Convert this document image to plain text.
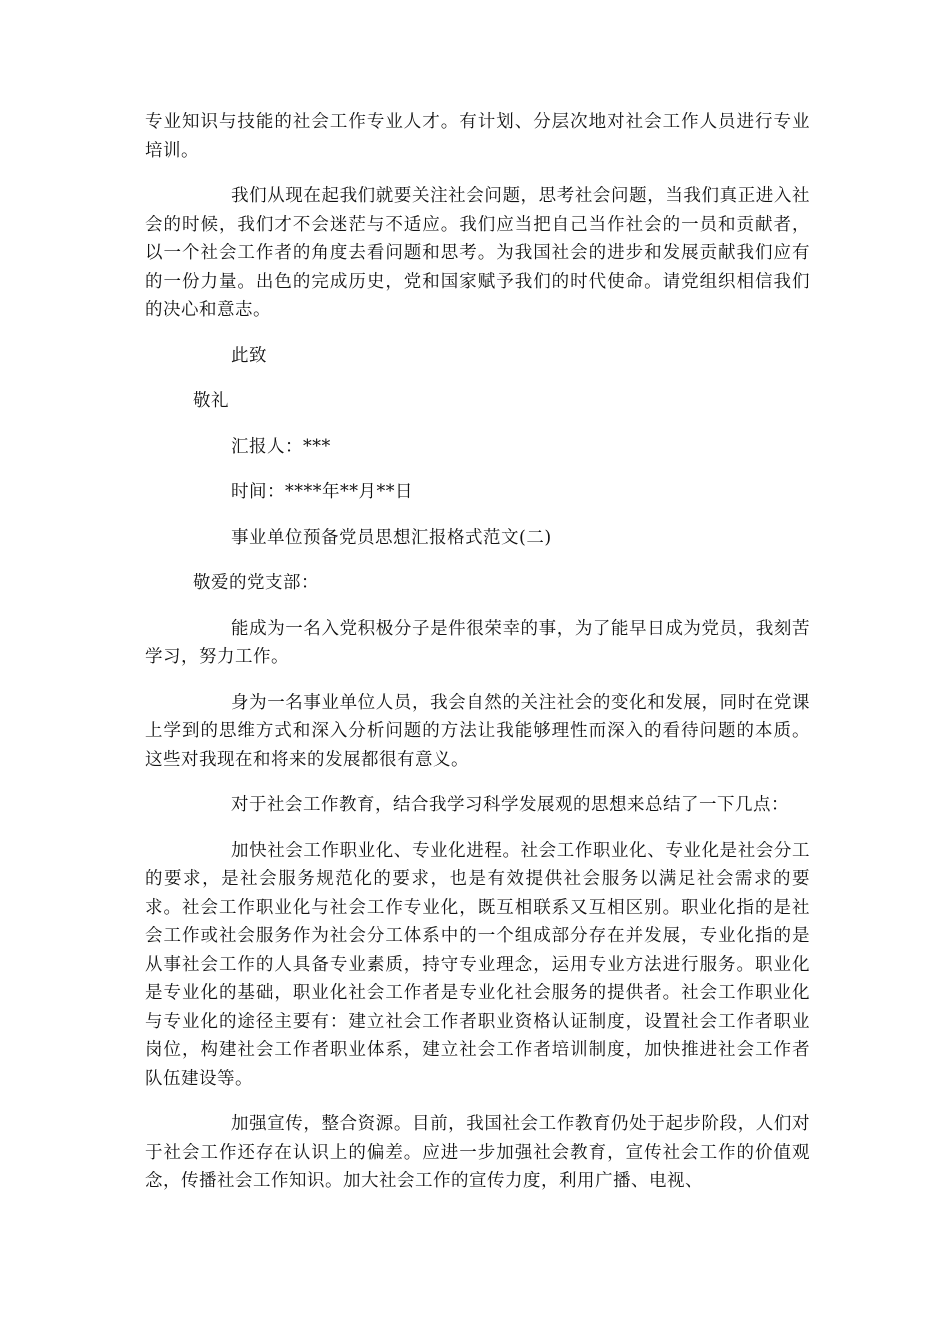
专业知识与技能的社会工作专业人才。有计划、分层次地对社会工作人员进行专业培训。

我们从现在起我们就要关注社会问题，思考社会问题，当我们真正进入社会的时候，我们才不会迷茫与不适应。我们应当把自己当作社会的一员和贡献者，以一个社会工作者的角度去看问题和思考。为我国社会的进步和发展贡献我们应有的一份力量。出色的完成历史，党和国家赋予我们的时代使命。请党组织相信我们的决心和意志。

此致

敬礼

汇报人：***

时间：****年**月**日

事业单位预备党员思想汇报格式范文(二)

敬爱的党支部：

能成为一名入党积极分子是件很荣幸的事，为了能早日成为党员，我刻苦学习，努力工作。

身为一名事业单位人员，我会自然的关注社会的变化和发展，同时在党课上学到的思维方式和深入分析问题的方法让我能够理性而深入的看待问题的本质。这些对我现在和将来的发展都很有意义。

对于社会工作教育，结合我学习科学发展观的思想来总结了一下几点：

加快社会工作职业化、专业化进程。社会工作职业化、专业化是社会分工的要求，是社会服务规范化的要求，也是有效提供社会服务以满足社会需求的要求。社会工作职业化与社会工作专业化，既互相联系又互相区别。职业化指的是社会工作或社会服务作为社会分工体系中的一个组成部分存在并发展，专业化指的是从事社会工作的人具备专业素质，持守专业理念，运用专业方法进行服务。职业化是专业化的基础，职业化社会工作者是专业化社会服务的提供者。社会工作职业化与专业化的途径主要有：建立社会工作者职业资格认证制度，设置社会工作者职业岗位，构建社会工作者职业体系，建立社会工作者培训制度，加快推进社会工作者队伍建设等。

加强宣传，整合资源。目前，我国社会工作教育仍处于起步阶段，人们对于社会工作还存在认识上的偏差。应进一步加强社会教育，宣传社会工作的价值观念，传播社会工作知识。加大社会工作的宣传力度，利用广播、电视、
